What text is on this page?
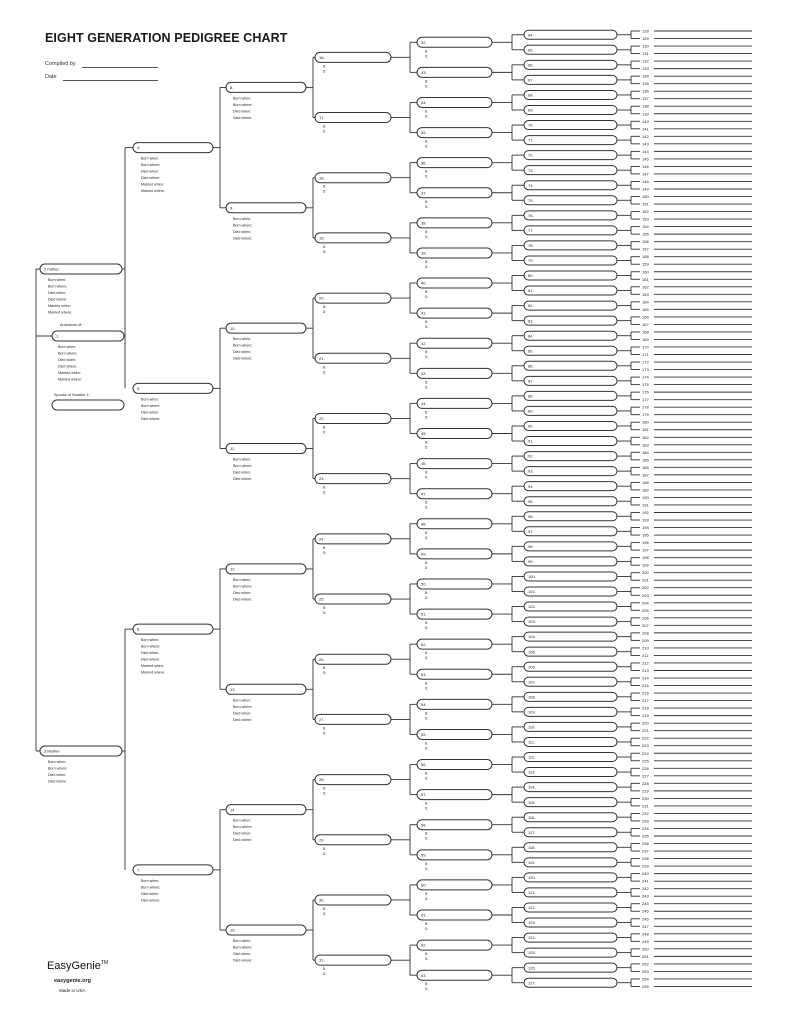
EIGHT GENERATION PEDIGREE CHART
Compiled by
Date
128
129
130
131
132
133
134
135
136
137
138
139
140
141
142
143
144
145
146
147
148
149
150
151
152
153
154
155
156
157
158
159
160
161
162
163
164
165
166
167
168
169
170
171
172
173
174
175
176
177
178
179
180
181
182
183
184
185
186
187
188
189
190
191
192
193
194
195
196
197
198
199
200
201
202
203
204
205
206
207
208
209
210
211
212
213
214
215
216
217
218
219
220
221
222
223
224
225
226
227
228
229
230
231
232
233
234
235
236
237
238
239
240
241
242
243
244
245
246
247
248
249
250
251
252
253
254
255
64.
65.
66.
67.
68.
69.
70.
71.
72.
73.
74.
75.
76.
77.
78.
79.
80.
81.
82.
83.
84.
85.
86.
87.
88.
89.
90.
91.
92.
93.
94.
95.
96.
97.
98.
99.
100.
101.
102.
103.
104.
105.
106.
107.
108.
109.
110.
111.
112.
113.
114.
115.
116.
117.
118.
119.
120.
121.
122.
123.
124.
125.
126.
127.
32.
B:
D:
33.
B:
D:
34.
B:
D:
35.
B:
D:
36.
B:
D:
37.
B:
D:
38.
B:
D:
39.
B:
D:
40.
B:
D:
41.
B:
D:
42.
B:
D:
43.
B:
D:
44.
B:
D:
45.
B:
D:
46.
B:
D:
47.
B:
D:
48.
B:
D:
49.
B:
D:
50.
B:
D:
51.
B:
D:
52.
B:
D:
53.
B:
D:
54.
B:
D:
55.
B:
D:
56.
B:
D:
57.
B:
D:
58.
B:
D:
59.
B:
D:
60.
B:
D:
61.
B:
D:
62.
B:
D:
63.
B:
D:
16.
B:
D:
17.
B:
D:
18.
B:
D:
19.
B:
D:
20.
B:
D:
21.
B:
D:
22.
B:
D:
23.
B:
D:
24.
B:
D:
25.
B:
D:
26.
B:
D:
27.
B:
D:
28.
B:
D:
29.
B:
D:
30.
B:
D:
31.
B:
D:
8.
Born when:
Born where:
Died when:
Died where:
9.
Born when:
Born where:
Died when:
Died where:
10.
Born when:
Born where:
Died when:
Died where:
11.
Born when:
Born where:
Died when:
Died where:
12.
Born when:
Born where:
Died when:
Died where:
13.
Born when:
Born where:
Died when:
Died where:
14.
Born when:
Born where:
Died when:
Died where:
15.
Born when:
Born where:
Died when:
Died where:
4.
Born when:
Born where:
Died when:
Died where:
Married when:
Married where:
5.
Born when:
Born where:
Died when:
Died where:
6.
Born when:
Born where:
Died when:
Died where:
Married when:
Married where:
7.
Born when:
Born where:
Died when:
Died where:
2.Father
Born when:
Born where:
Died when:
Died where:
Married when:
Married where:
3.Mother
Born when:
Born where:
Died when:
Died where:
Ancestors of:
1.
Born when:
Born where:
Died when:
Died where:
Married when:
Married where:
Spouse of Number 1:
EasyGenie™
easygenie.org
Made in USA
